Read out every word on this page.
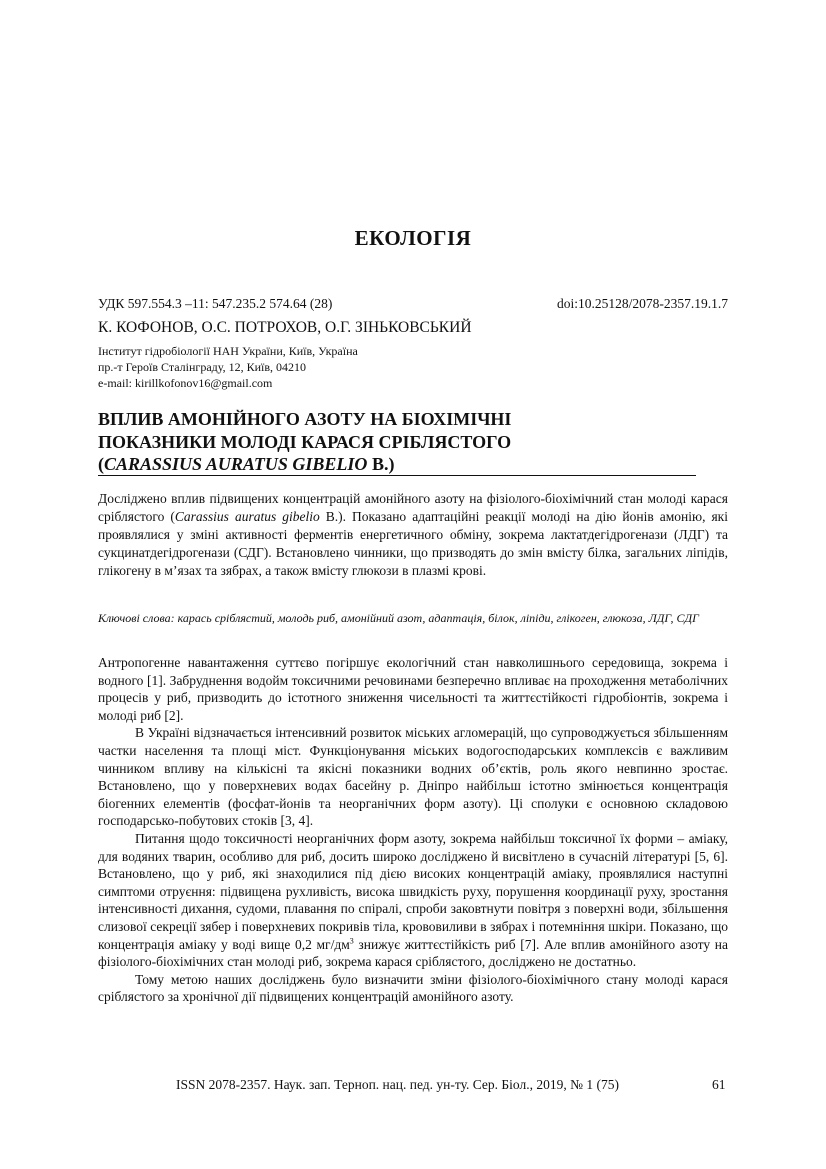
ЕКОЛОГІЯ
УДК 597.554.3 –11: 547.235.2 574.64 (28)	doi:10.25128/2078-2357.19.1.7
К. КОФОНОВ, О.С. ПОТРОХОВ, О.Г. ЗІНЬКОВСЬКИЙ
Інститут гідробіології НАН України, Київ, Україна
пр.-т Героїв Сталінграду, 12, Київ, 04210
e-mail: kirillkofonov16@gmail.com
ВПЛИВ АМОНІЙНОГО АЗОТУ НА БІОХІМІЧНІ
ПОКАЗНИКИ МОЛОДІ КАРАСЯ СРІБЛЯСТОГО
(CARASSIUS AURATUS GIBELIO B.)
Досліджено вплив підвищених концентрацій амонійного азоту на фізіолого-біохімічний стан молоді карася сріблястого (Carassius auratus gibelio B.). Показано адаптаційні реакції молоді на дію йонів амонію, які проявлялися у зміні активності ферментів енергетичного обміну, зокрема лактатдегідрогенази (ЛДГ) та сукцинатдегідрогенази (СДГ). Встановлено чинники, що призводять до змін вмісту білка, загальних ліпідів, глікогену в м’язах та зябрах, а також вмісту глюкози в плазмі крові.
Ключові слова: карась сріблястий, молодь риб, амонійний азот, адаптація, білок, ліпіди, глікоген, глюкоза, ЛДГ, СДГ

Антропогенне навантаження суттєво погіршує екологічний стан навколишнього середовища, зокрема і водного [1]. Забруднення водойм токсичними речовинами безперечно впливає на проходження метаболічних процесів у риб, призводить до істотного зниження чисельності та життєстійкості гідробіонтів, зокрема і молоді риб [2].

В Україні відзначається інтенсивний розвиток міських агломерацій, що супроводжується збільшенням частки населення та площі міст. Функціонування міських водогосподарських комплексів є важливим чинником впливу на кількісні та якісні показники водних об’єктів, роль якого невпинно зростає. Встановлено, що у поверхневих водах басейну р. Дніпро найбільш істотно змінюється концентрація біогенних елементів (фосфат-йонів та неорганічних форм азоту). Ці сполуки є основною складовою господарсько-побутових стоків [3, 4].

Питання щодо токсичності неорганічних форм азоту, зокрема найбільш токсичної їх форми – аміаку, для водяних тварин, особливо для риб, досить широко досліджено й висвітлено в сучасній літературі [5, 6]. Встановлено, що у риб, які знаходилися під дією високих концентрацій аміаку, проявлялися наступні симптоми отруєння: підвищена рухливість, висока швидкість руху, порушення координації руху, зростання інтенсивності дихання, судоми, плавання по спіралі, спроби заковтнути повітря з поверхні води, збільшення слизової секреції зябер і поверхневих покривів тіла, крововиливи в зябрах і потемніння шкіри. Показано, що концентрація аміаку у воді вище 0,2 $мг/дм^3$ знижує життєстійкість риб [7]. Але вплив амонійного азоту на фізіолого-біохімічних стан молоді риб, зокрема карася сріблястого, досліджено не достатньо.

Тому метою наших досліджень було визначити зміни фізіолого-біохімічного стану молоді карася сріблястого за хронічної дії підвищених концентрацій амонійного азоту.

ISSN 2078-2357. Наук. зап. Терноп. нац. пед. ун-ту. Сер. Біол., 2019, № 1 (75)	61
